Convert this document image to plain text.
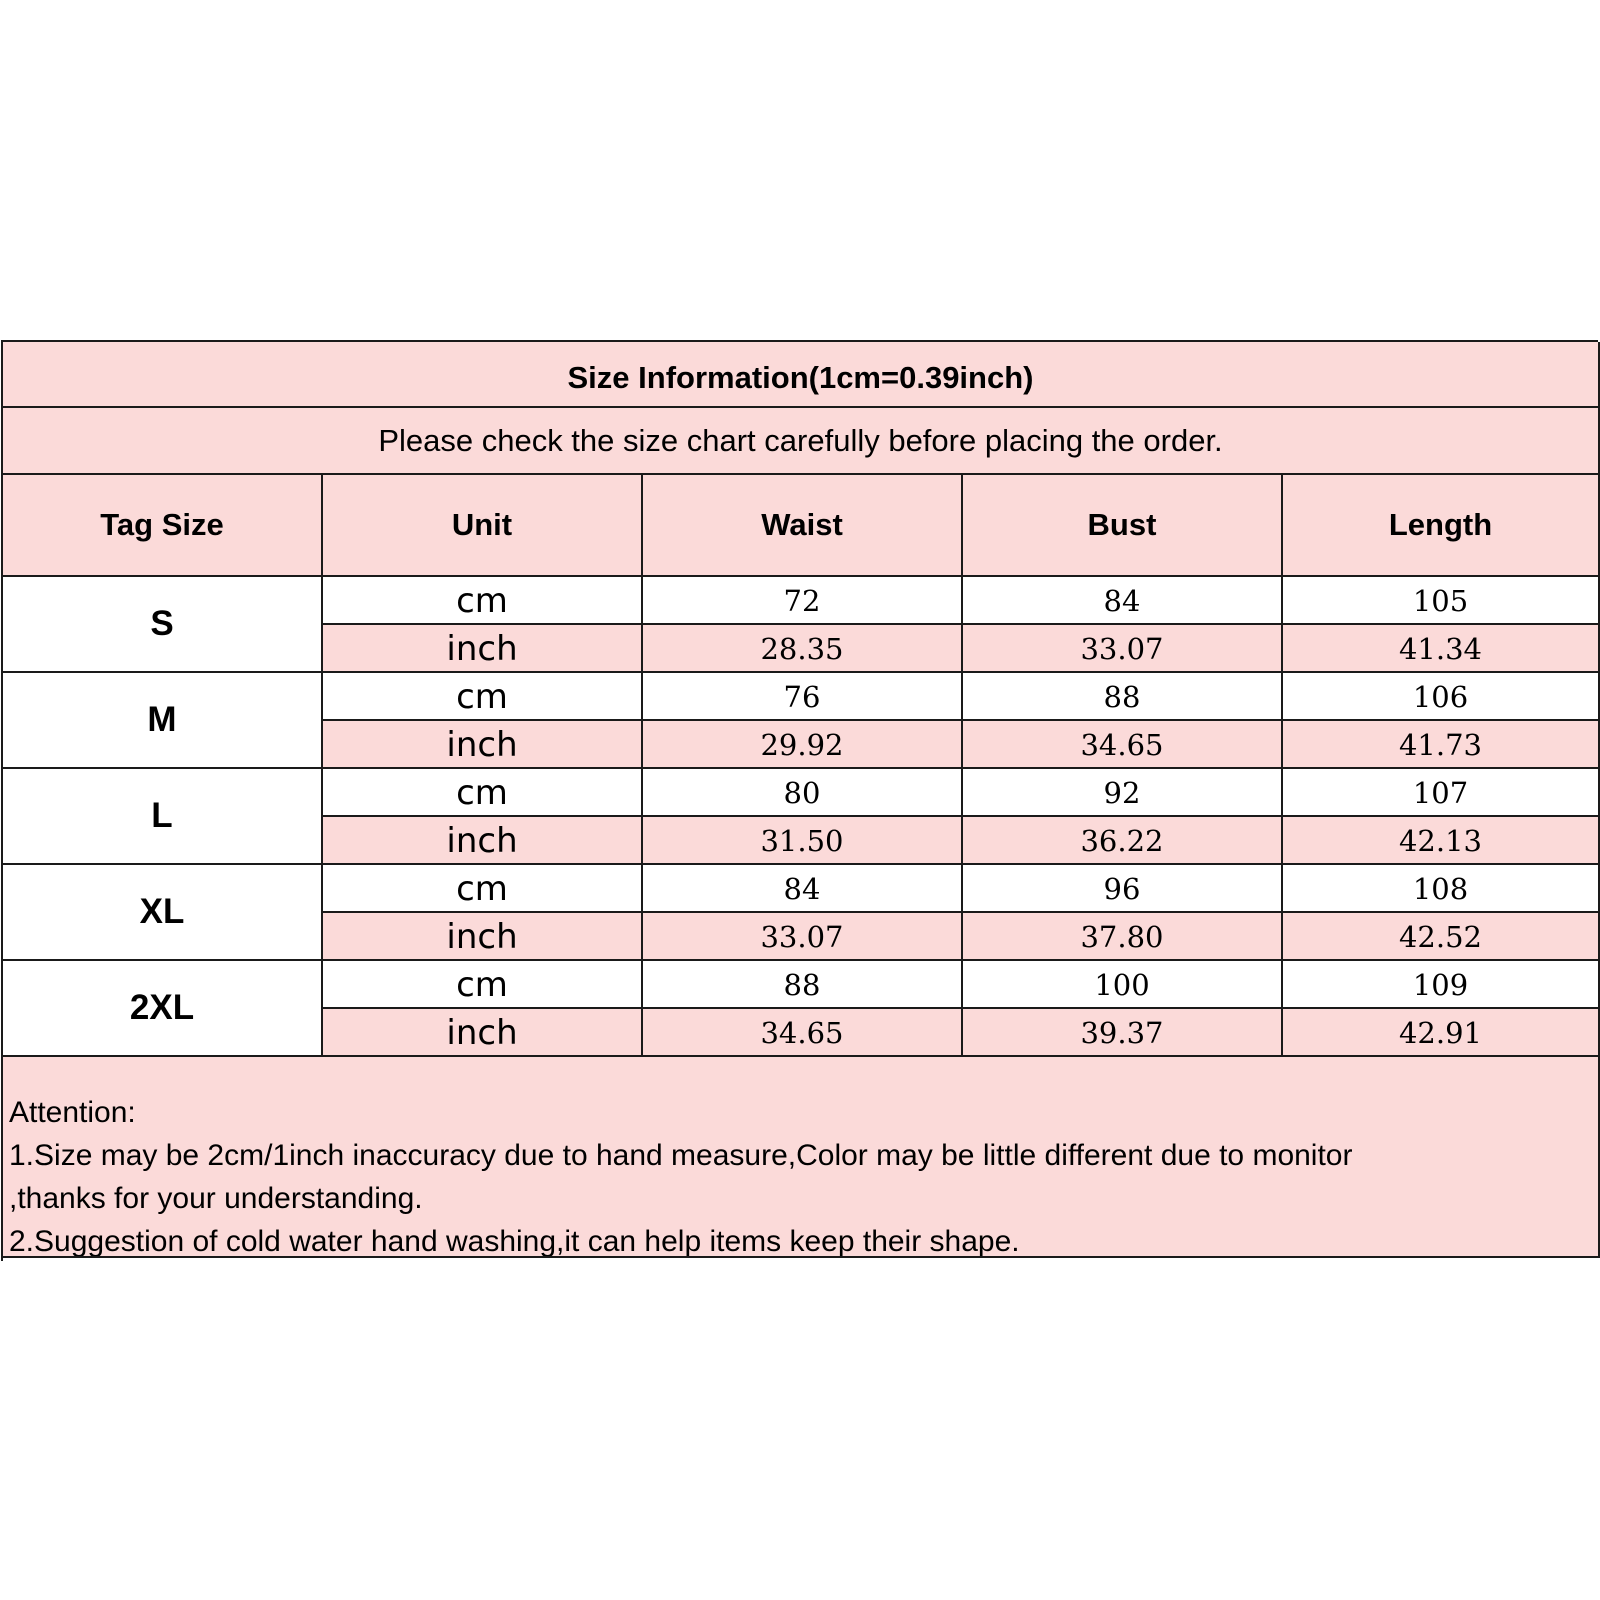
Size Information(1cm=0.39inch)
Please check the size chart carefully before placing the order.
Tag Size	Unit	Waist	Bust	Length
S
cm	72	84	105
inch	28.35	33.07	41.34
M
cm	76	88	106
inch	29.92	34.65	41.73
L
cm	80	92	107
inch	31.50	36.22	42.13
XL
cm	84	96	108
inch	33.07	37.80	42.52
2XL
cm	88	100	109
inch	34.65	39.37	42.91
Attention:
1.Size may be 2cm/1inch inaccuracy due to hand measure,Color may be little different due to monitor
,thanks for your understanding.
2.Suggestion of cold water hand washing,it can help items keep their shape.
